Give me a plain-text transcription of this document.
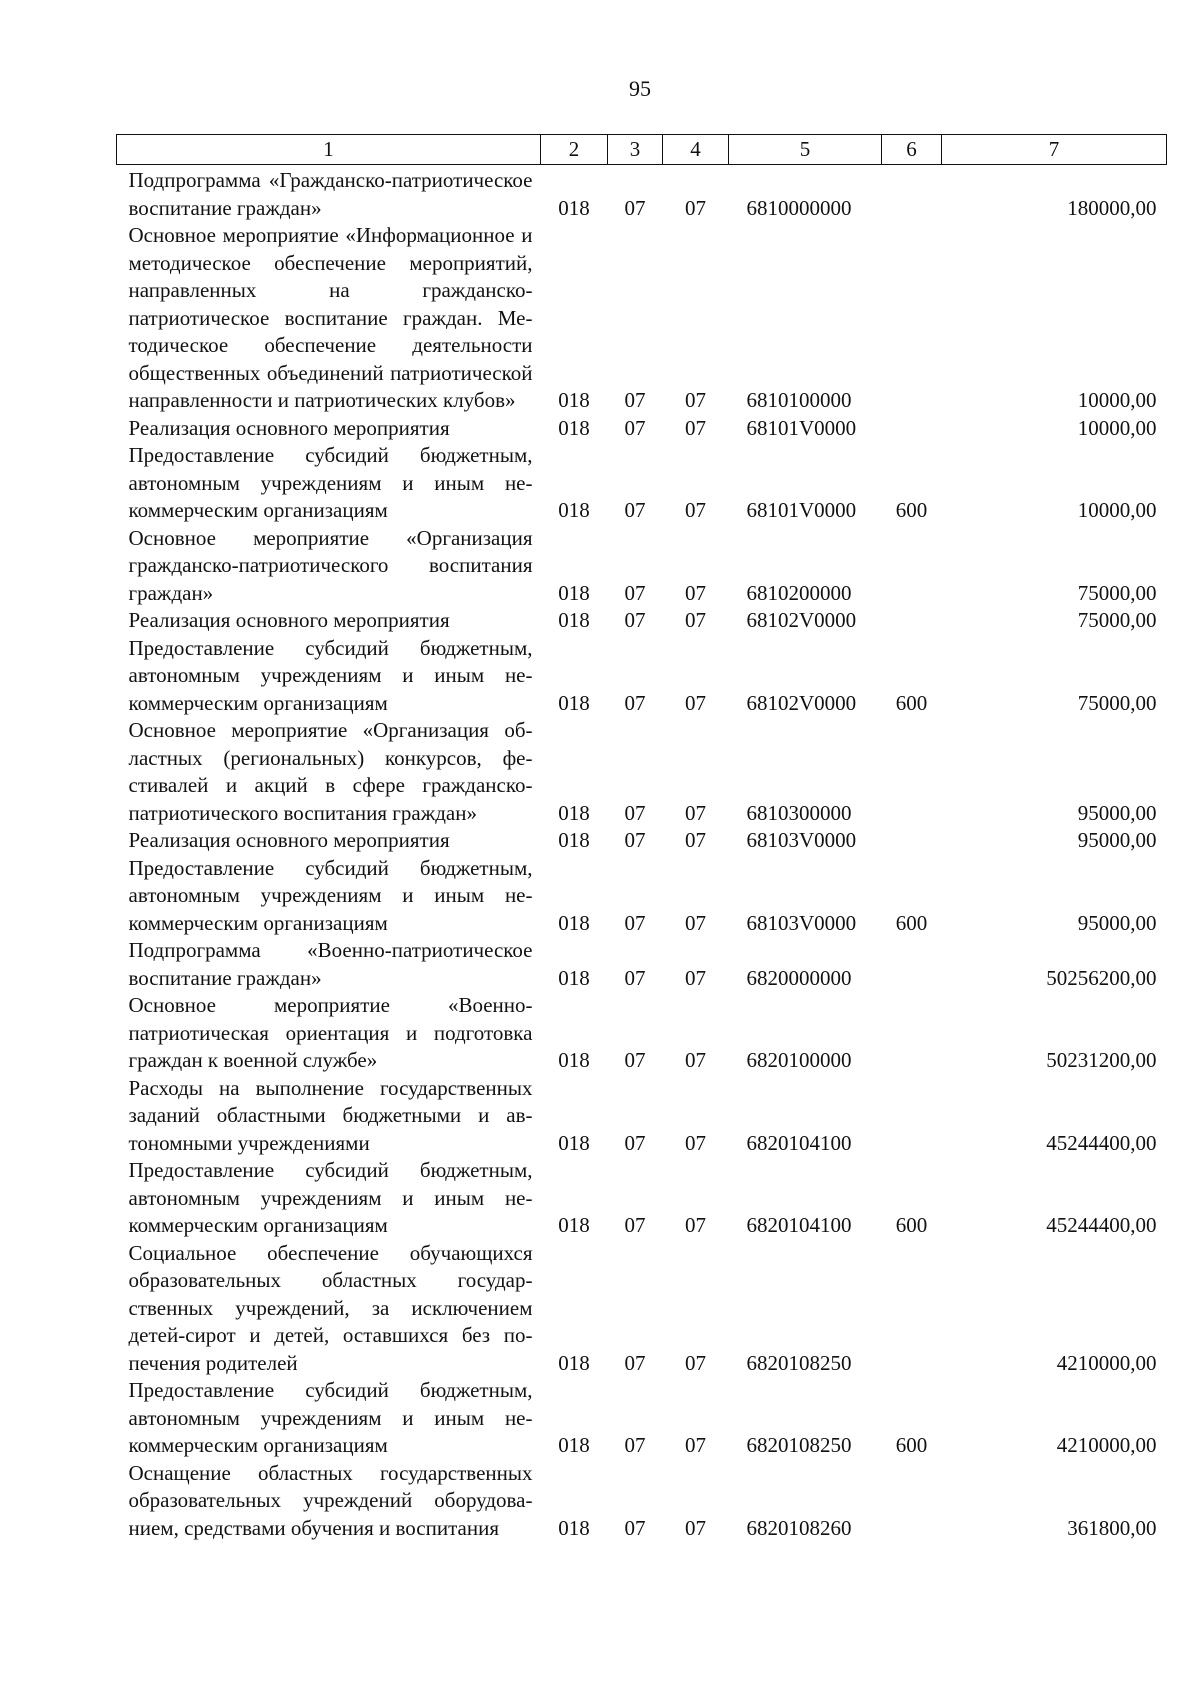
95
1	2	3	4	5	6	7
Подпрограмма «Гражданско-патриотическое воспитание граждан»	018	07	07	6810000000		180000,00
Основное мероприятие «Информационное и методическое обеспечение мероприятий, направленных на гражданско-патриотическое воспитание граждан. Методическое обеспечение деятельности общественных объединений патриотической направленности и патриотических клубов»	018	07	07	6810100000		10000,00
Реализация основного мероприятия	018	07	07	68101V0000		10000,00
Предоставление субсидий бюджетным, автономным учреждениям и иным некоммерческим организациям	018	07	07	68101V0000	600	10000,00
Основное мероприятие «Организация гражданско-патриотического воспитания граждан»	018	07	07	6810200000		75000,00
Реализация основного мероприятия	018	07	07	68102V0000		75000,00
Предоставление субсидий бюджетным, автономным учреждениям и иным некоммерческим организациям	018	07	07	68102V0000	600	75000,00
Основное мероприятие «Организация областных (региональных) конкурсов, фестивалей и акций в сфере гражданско-патриотического воспитания граждан»	018	07	07	6810300000		95000,00
Реализация основного мероприятия	018	07	07	68103V0000		95000,00
Предоставление субсидий бюджетным, автономным учреждениям и иным некоммерческим организациям	018	07	07	68103V0000	600	95000,00
Подпрограмма «Военно-патриотическое воспитание граждан»	018	07	07	6820000000		50256200,00
Основное мероприятие «Военно-патриотическая ориентация и подготовка граждан к военной службе»	018	07	07	6820100000		50231200,00
Расходы на выполнение государственных заданий областными бюджетными и автономными учреждениями	018	07	07	6820104100		45244400,00
Предоставление субсидий бюджетным, автономным учреждениям и иным некоммерческим организациям	018	07	07	6820104100	600	45244400,00
Социальное обеспечение обучающихся образовательных областных государственных учреждений, за исключением детей-сирот и детей, оставшихся без попечения родителей	018	07	07	6820108250		4210000,00
Предоставление субсидий бюджетным, автономным учреждениям и иным некоммерческим организациям	018	07	07	6820108250	600	4210000,00
Оснащение областных государственных образовательных учреждений оборудованием, средствами обучения и воспитания	018	07	07	6820108260		361800,00
